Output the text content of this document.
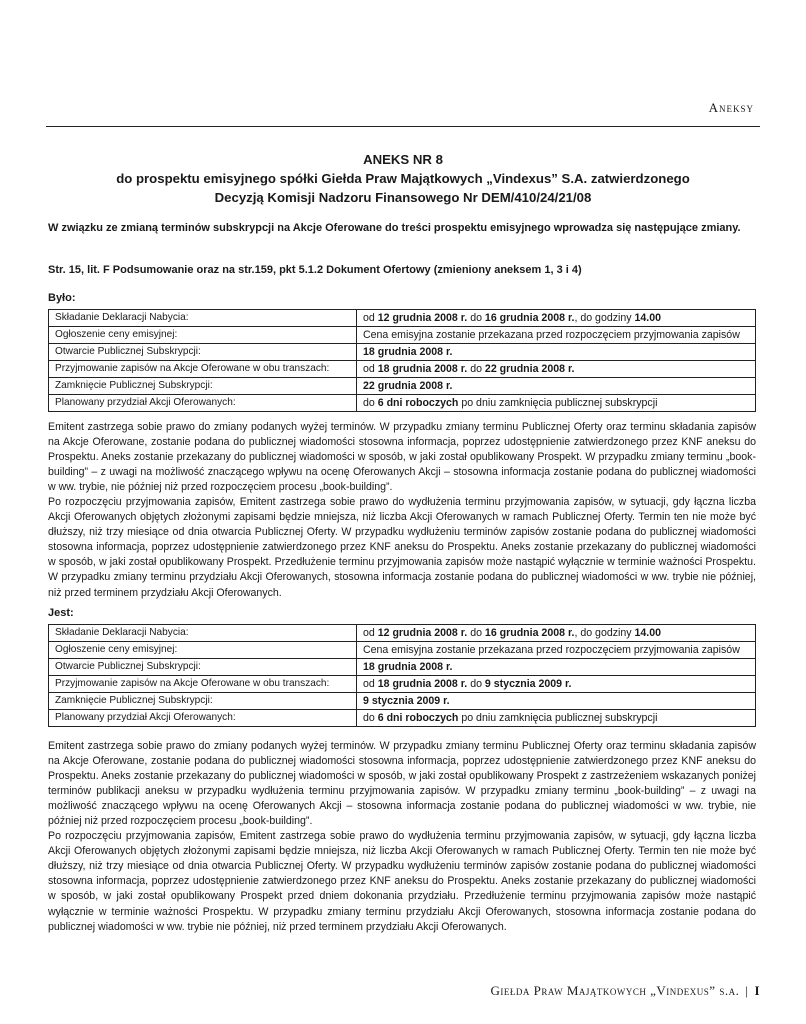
Aneksy
ANEKS NR 8
do prospektu emisyjnego spółki Giełda Praw Majątkowych „Vindexus” S.A. zatwierdzonego
Decyzją Komisji Nadzoru Finansowego Nr DEM/410/24/21/08
W związku ze zmianą terminów subskrypcji na Akcje Oferowane do treści prospektu emisyjnego wprowadza się następujące zmiany.
Str. 15, lit. F Podsumowanie oraz na str.159, pkt 5.1.2 Dokument Ofertowy (zmieniony aneksem 1, 3 i 4)
Było:
Składanie Deklaracji Nabycia:	od 12 grudnia 2008 r. do 16 grudnia 2008 r., do godziny 14.00
Ogłoszenie ceny emisyjnej:	Cena emisyjna zostanie przekazana przed rozpoczęciem przyjmowania zapisów
Otwarcie Publicznej Subskrypcji:	18 grudnia 2008 r.
Przyjmowanie zapisów na Akcje Oferowane w obu transzach:	od 18 grudnia 2008 r. do 22 grudnia 2008 r.
Zamknięcie Publicznej Subskrypcji:	22 grudnia 2008 r.
Planowany przydział Akcji Oferowanych:	do 6 dni roboczych po dniu zamknięcia publicznej subskrypcji

Emitent zastrzega sobie prawo do zmiany podanych wyżej terminów. W przypadku zmiany terminu Publicznej Oferty oraz terminu składania zapisów na Akcje Oferowane, zostanie podana do publicznej wiadomości stosowna informacja, poprzez udostępnienie zatwierdzonego przez KNF aneksu do Prospektu. Aneks zostanie przekazany do publicznej wiadomości w sposób, w jaki został opublikowany Prospekt. W przypadku zmiany terminu „book-building” – z uwagi na możliwość znaczącego wpływu na ocenę Oferowanych Akcji – stosowna informacja zostanie podana do publicznej wiadomości w ww. trybie, nie później niż przed rozpoczęciem procesu „book-building”.

Po rozpoczęciu przyjmowania zapisów, Emitent zastrzega sobie prawo do wydłużenia terminu przyjmowania zapisów, w sytuacji, gdy łączna liczba Akcji Oferowanych objętych złożonymi zapisami będzie mniejsza, niż liczba Akcji Oferowanych w ramach Publicznej Oferty. Termin ten nie może być dłuższy, niż trzy miesiące od dnia otwarcia Publicznej Oferty. W przypadku wydłużeniu terminów zapisów zostanie podana do publicznej wiadomości stosowna informacja, poprzez udostępnienie zatwierdzonego przez KNF aneksu do Prospektu. Aneks zostanie przekazany do publicznej wiadomości w sposób, w jaki został opublikowany Prospekt. Przedłużenie terminu przyjmowania zapisów może nastąpić wyłącznie w terminie ważności Prospektu. W przypadku zmiany terminu przydziału Akcji Oferowanych, stosowna informacja zostanie podana do publicznej wiadomości w ww. trybie nie później, niż przed terminem przydziału Akcji Oferowanych.

Jest:
Składanie Deklaracji Nabycia:	od 12 grudnia 2008 r. do 16 grudnia 2008 r., do godziny 14.00
Ogłoszenie ceny emisyjnej:	Cena emisyjna zostanie przekazana przed rozpoczęciem przyjmowania zapisów
Otwarcie Publicznej Subskrypcji:	18 grudnia 2008 r.
Przyjmowanie zapisów na Akcje Oferowane w obu transzach:	od 18 grudnia 2008 r. do 9 stycznia 2009 r.
Zamknięcie Publicznej Subskrypcji:	9 stycznia 2009 r.
Planowany przydział Akcji Oferowanych:	do 6 dni roboczych po dniu zamknięcia publicznej subskrypcji

Emitent zastrzega sobie prawo do zmiany podanych wyżej terminów. W przypadku zmiany terminu Publicznej Oferty oraz terminu składania zapisów na Akcje Oferowane, zostanie podana do publicznej wiadomości stosowna informacja, poprzez udostępnienie zatwierdzonego przez KNF aneksu do Prospektu. Aneks zostanie przekazany do publicznej wiadomości w sposób, w jaki został opublikowany Prospekt z zastrzeżeniem wskazanych poniżej terminów publikacji aneksu w przypadku wydłużenia terminu przyjmowania zapisów. W przypadku zmiany terminu „book-building” – z uwagi na możliwość znaczącego wpływu na ocenę Oferowanych Akcji – stosowna informacja zostanie podana do publicznej wiadomości w ww. trybie, nie później niż przed rozpoczęciem procesu „book-building”.

Po rozpoczęciu przyjmowania zapisów, Emitent zastrzega sobie prawo do wydłużenia terminu przyjmowania zapisów, w sytuacji, gdy łączna liczba Akcji Oferowanych objętych złożonymi zapisami będzie mniejsza, niż liczba Akcji Oferowanych w ramach Publicznej Oferty. Termin ten nie może być dłuższy, niż trzy miesiące od dnia otwarcia Publicznej Oferty. W przypadku wydłużeniu terminów zapisów zostanie podana do publicznej wiadomości stosowna informacja, poprzez udostępnienie zatwierdzonego przez KNF aneksu do Prospektu. Aneks zostanie przekazany do publicznej wiadomości w sposób, w jaki został opublikowany Prospekt przed dniem dokonania przydziału. Przedłużenie terminu przyjmowania zapisów może nastąpić wyłącznie w terminie ważności Prospektu. W przypadku zmiany terminu przydziału Akcji Oferowanych, stosowna informacja zostanie podana do publicznej wiadomości w ww. trybie nie później, niż przed terminem przydziału Akcji Oferowanych.

Giełda Praw Majątkowych „Vindexus” s.a. | I
